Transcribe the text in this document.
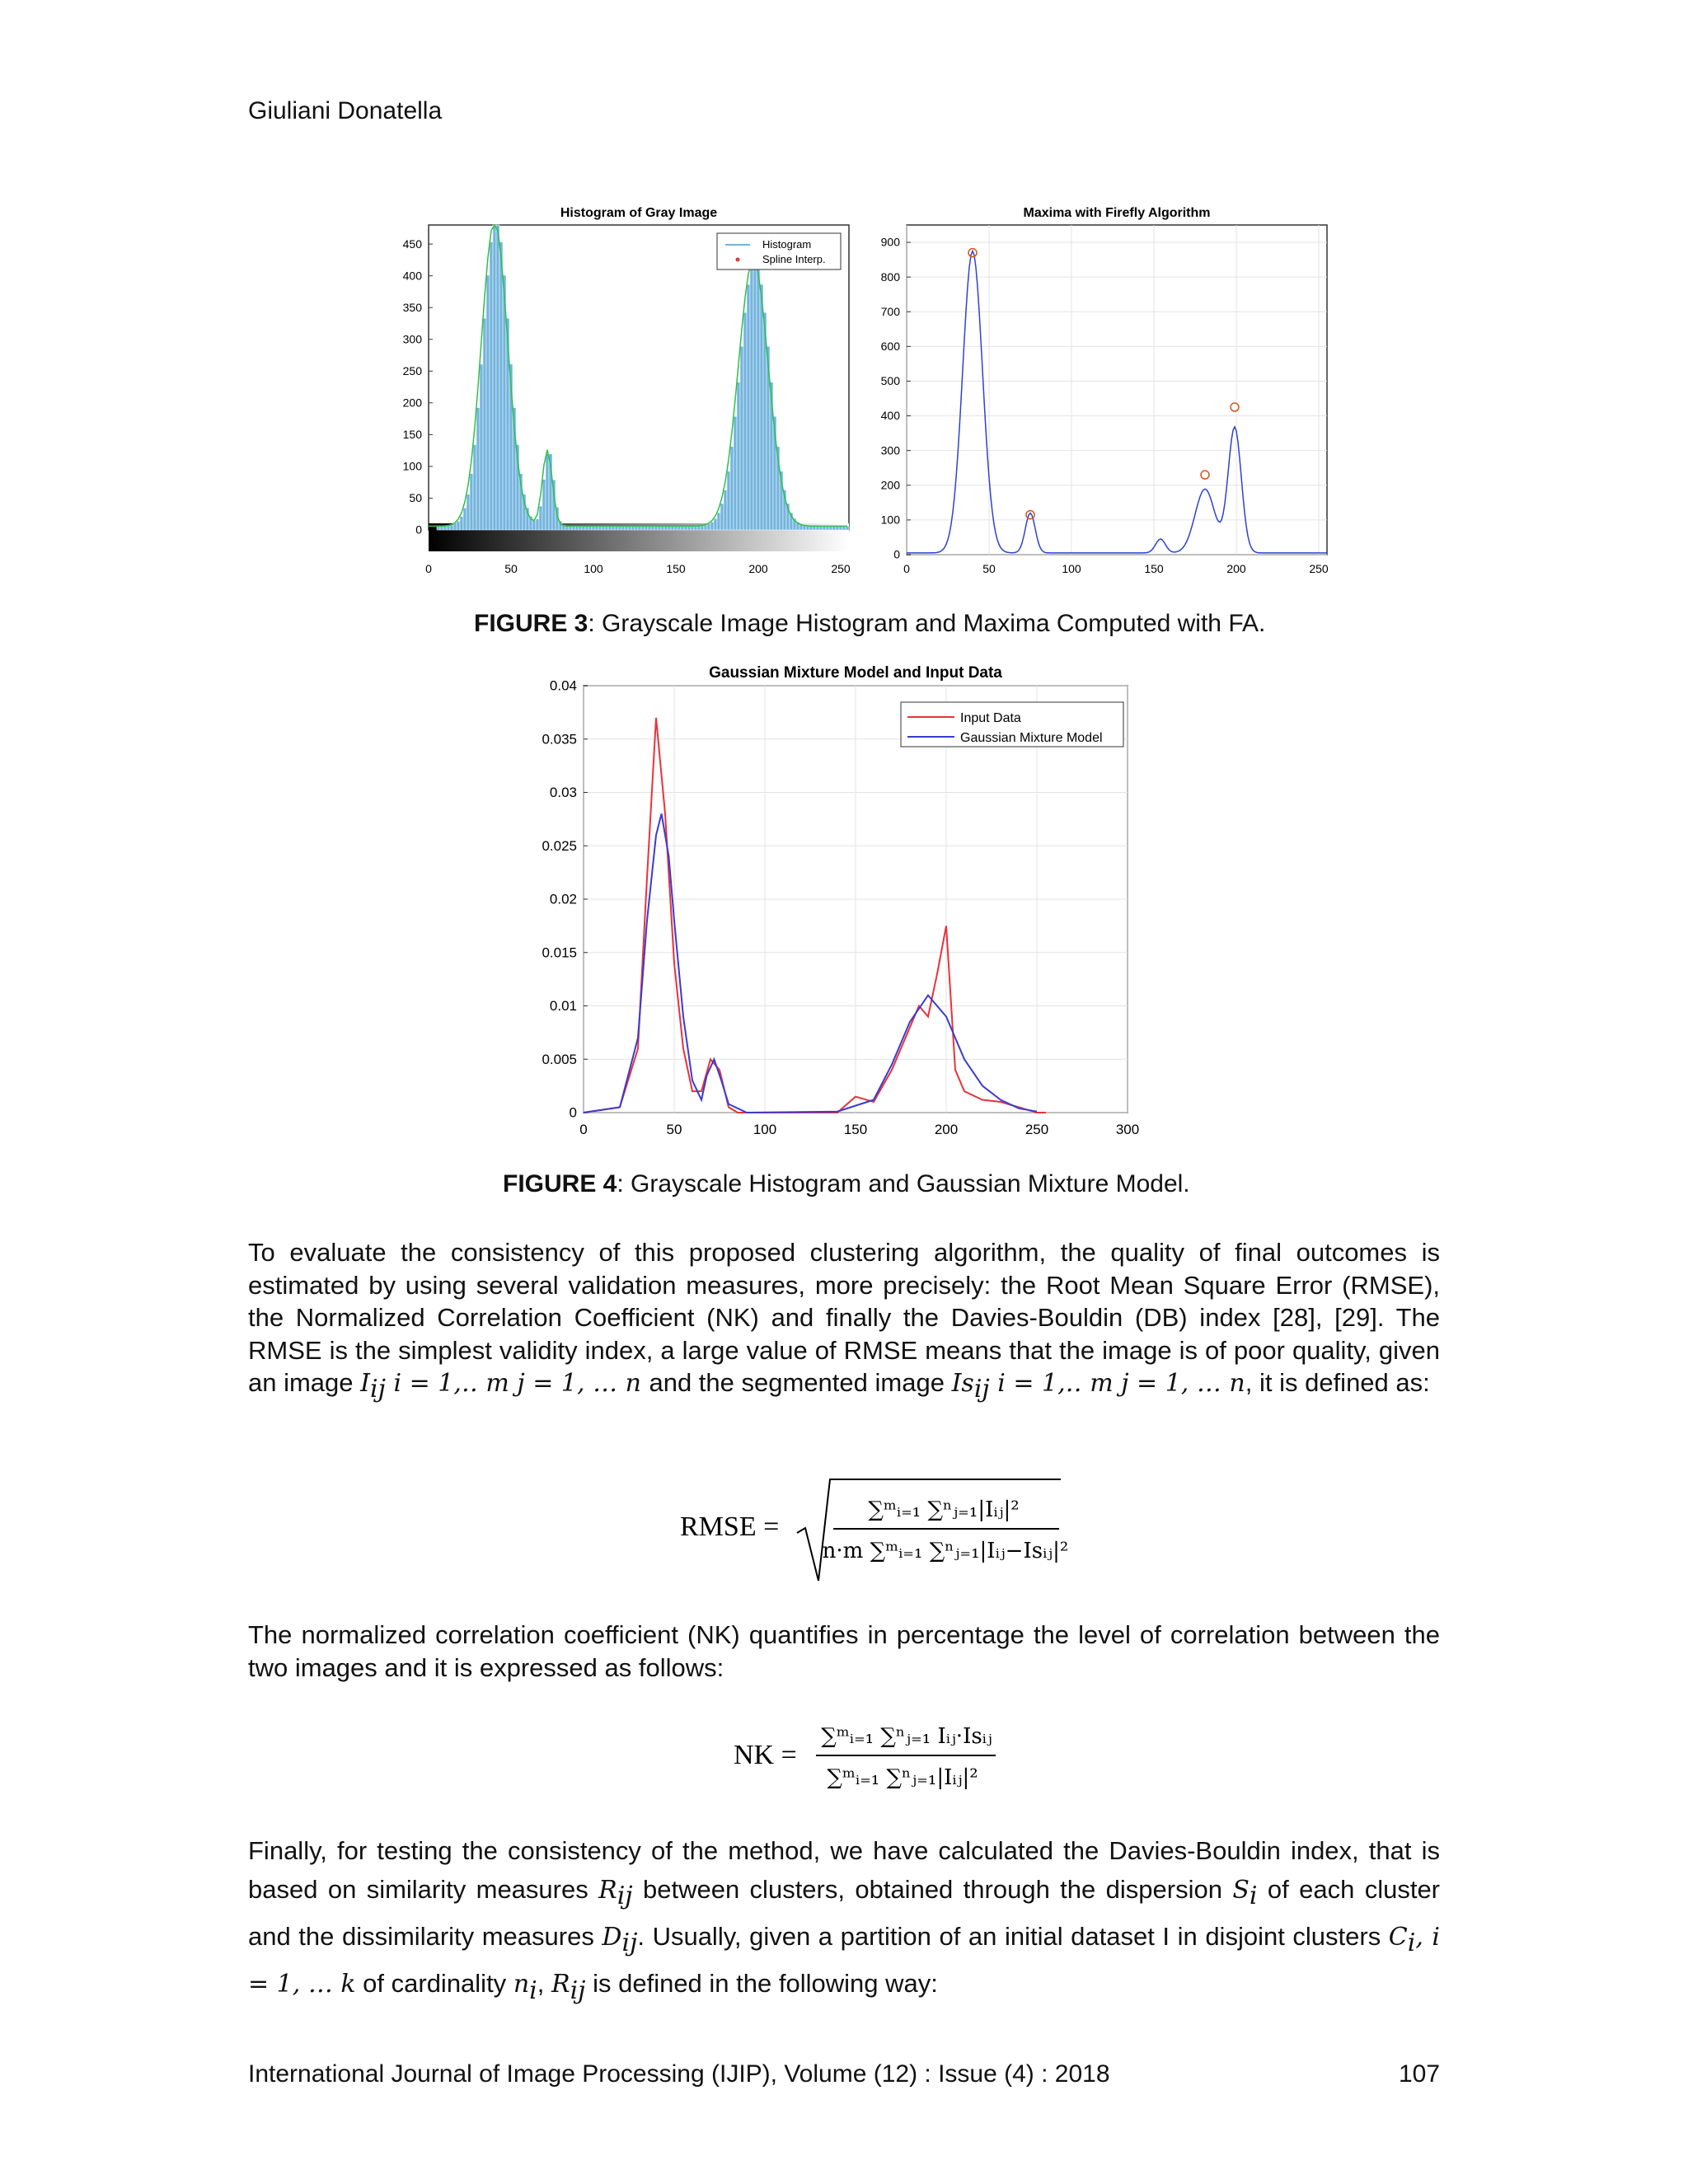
Giuliani Donatella
Histogram of Gray Image
0	50	100	150	200	250
0
50
100
150
200
250
300
350
400
450	Histogram
Spline Interp.
Maxima with Firefly Algorithm
0	50	100	150	200	250
0
100
200
300
400
500
600
700
800
900
FIGURE 3: Grayscale Image Histogram and Maxima Computed with FA.
Gaussian Mixture Model and Input Data
0	50	100	150	200	250	300
0
0.005
0.01
0.015
0.02
0.025
0.03
0.035
0.04
Input Data
Gaussian Mixture Model
FIGURE 4: Grayscale Histogram and Gaussian Mixture Model.
To evaluate the consistency of this proposed clustering algorithm, the quality of final outcomes is estimated by using several validation measures, more precisely: the Root Mean Square Error (RMSE), the Normalized Correlation Coefficient (NK) and finally the Davies-Bouldin (DB) index [28], [29]. The RMSE is the simplest validity index, a large value of RMSE means that the image is of poor quality, given an image $I_{ij}$ i = 1,‥ m j = 1, … n and the segmented image $Is_{ij}$ i = 1,‥ m j = 1, … n, it is defined as:
RMSE =
∑ᵐᵢ₌₁ ∑ⁿⱼ₌₁|Iᵢⱼ|²
n·m ∑ᵐᵢ₌₁ ∑ⁿⱼ₌₁|Iᵢⱼ−Isᵢⱼ|²
The normalized correlation coefficient (NK) quantifies in percentage the level of correlation between the two images and it is expressed as follows:
NK =
∑ᵐᵢ₌₁ ∑ⁿⱼ₌₁ Iᵢⱼ·Isᵢⱼ
∑ᵐᵢ₌₁ ∑ⁿⱼ₌₁|Iᵢⱼ|²
Finally, for testing the consistency of the method, we have calculated the Davies-Bouldin index, that is based on similarity measures $R_{ij}$ between clusters, obtained through the dispersion $S_i$ of each cluster and the dissimilarity measures $D_{ij}$. Usually, given a partition of an initial dataset I in disjoint clusters $C_i$, i = 1, … k of cardinality $n_i$, $R_{ij}$ is defined in the following way:
International Journal of Image Processing (IJIP), Volume (12) : Issue (4) : 2018	107
